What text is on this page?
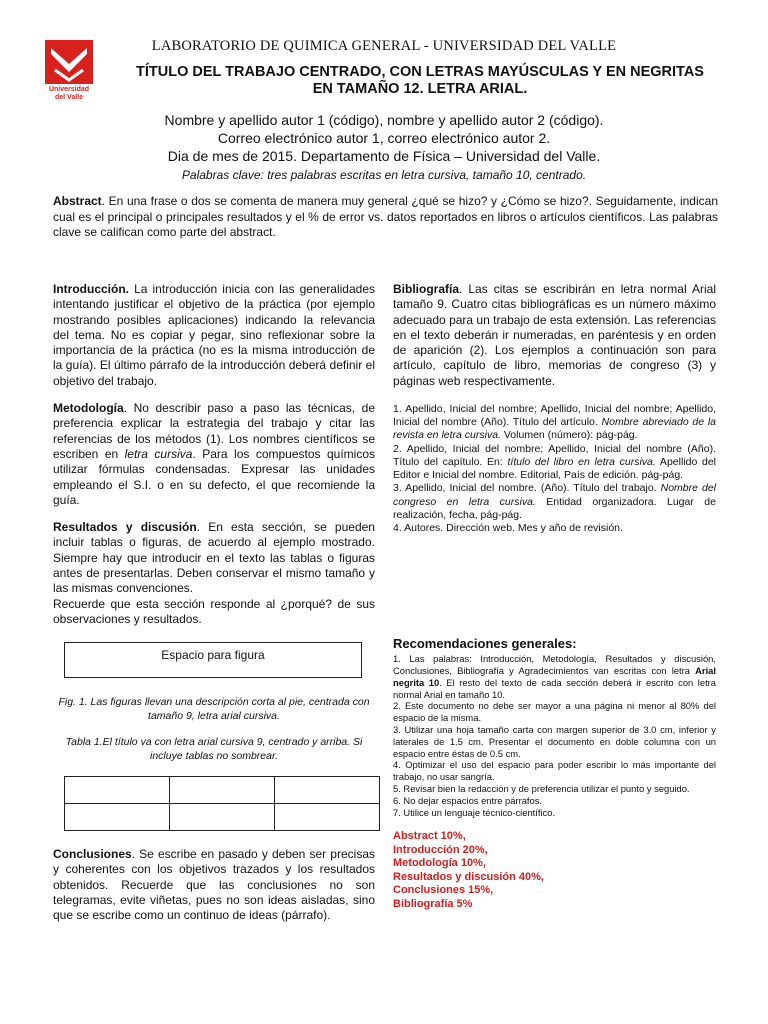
Universidad
del Valle
LABORATORIO DE QUIMICA GENERAL - UNIVERSIDAD DEL VALLE
TÍTULO DEL TRABAJO CENTRADO, CON LETRAS MAYÚSCULAS Y EN NEGRITAS
EN TAMAÑO 12. LETRA ARIAL.
Nombre y apellido autor 1 (código), nombre y apellido autor 2 (código).
Correo electrónico autor 1, correo electrónico autor 2.
Dia de mes de 2015. Departamento de Física – Universidad del Valle.
Palabras clave: tres palabras escritas en letra cursiva, tamaño 10, centrado.
Abstract. En una frase o dos se comenta de manera muy general ¿qué se hizo? y ¿Cómo se hizo?. Seguidamente, indican cual es el principal o principales resultados y el % de error vs. datos reportados en libros o artículos científicos. Las palabras clave se califican como parte del abstract.

Introducción. La introducción inicia con las generalidades intentando justificar el objetivo de la práctica (por ejemplo mostrando posibles aplicaciones) indicando la relevancia del tema. No es copiar y pegar, sino reflexionar sobre la importancia de la práctica (no es la misma introducción de la guía). El último párrafo de la introducción deberá definir el objetivo del trabajo.

Metodología. No describir paso a paso las técnicas, de preferencia explicar la estrategia del trabajo y citar las referencias de los métodos (1). Los nombres científicos se escriben en letra cursiva. Para los compuestos químicos utilizar fórmulas condensadas. Expresar las unidades empleando el S.I. o en su defecto, el que recomiende la guía.

Resultados y discusión. En esta sección, se pueden incluir tablas o figuras, de acuerdo al ejemplo mostrado. Siempre hay que introducir en el texto las tablas o figuras antes de presentarlas. Deben conservar el mismo tamaño y las mismas convenciones.

Recuerde que esta sección responde al ¿porqué? de sus observaciones y resultados.

Espacio para figura
Fig. 1. Las figuras llevan una descripción corta al pie, centrada con tamaño 9, letra arial cursiva.
Tabla 1.El título va con letra arial cursiva 9, centrado y arriba. Si incluye tablas no sombrear.

Conclusiones. Se escribe en pasado y deben ser precisas y coherentes con los objetivos trazados y los resultados obtenidos. Recuerde que las conclusiones no son telegramas, evite viñetas, pues no son ideas aisladas, sino que se escribe como un continuo de ideas (párrafo).

Bibliografía. Las citas se escribirán en letra normal Arial tamaño 9. Cuatro citas bibliográficas es un número máximo adecuado para un trabajo de esta extensión. Las referencias en el texto deberán ir numeradas, en paréntesis y en orden de aparición (2). Los ejemplos a continuación son para artículo, capítulo de libro, memorias de congreso (3) y páginas web respectivamente.

1. Apellido, Inicial del nombre; Apellido, Inicial del nombre; Apellido, Inicial del nombre (Año). Título del artículo. Nombre abreviado de la revista en letra cursiva. Volumen (número): pág-pág.
2. Apellido, Inicial del nombre; Apellido, Inicial del nombre (Año). Título del capítulo. En: título del libro en letra cursiva. Apellido del Editor e Inicial del nombre. Editorial, País de edición. pág-pág.
3. Apellido, Inicial del nombre. (Año). Título del trabajo. Nombre del congreso en letra cursiva. Entidad organizadora. Lugar de realización, fecha, pág-pág.
4. Autores. Dirección web. Mes y año de revisión.
Recomendaciones generales:
1. Las palabras: Introducción, Metodología, Resultados y discusión, Conclusiones, Bibliografía y Agradecimientos van escritas con letra Arial negrita 10. El resto del texto de cada sección deberá ir escrito con letra normal Arial en tamaño 10.
2. Este documento no debe ser mayor a una página ni menor al 80% del espacio de la misma.
3. Utilizar una hoja tamaño carta con margen superior de 3.0 cm, inferior y laterales de 1.5 cm. Presentar el documento en doble columna con un espacio entre éstas de 0.5 cm.
4. Optimizar el uso del espacio para poder escribir lo más importante del trabajo, no usar sangría.
5. Revisar bien la redacción y de preferencia utilizar el punto y seguido.
6. No dejar espacios entre párrafos.
7. Utilice un lenguaje técnico-científico.
Abstract 10%,
Introducción 20%,
Metodología 10%,
Resultados y discusión 40%,
Conclusiones 15%,
Bibliografía 5%
